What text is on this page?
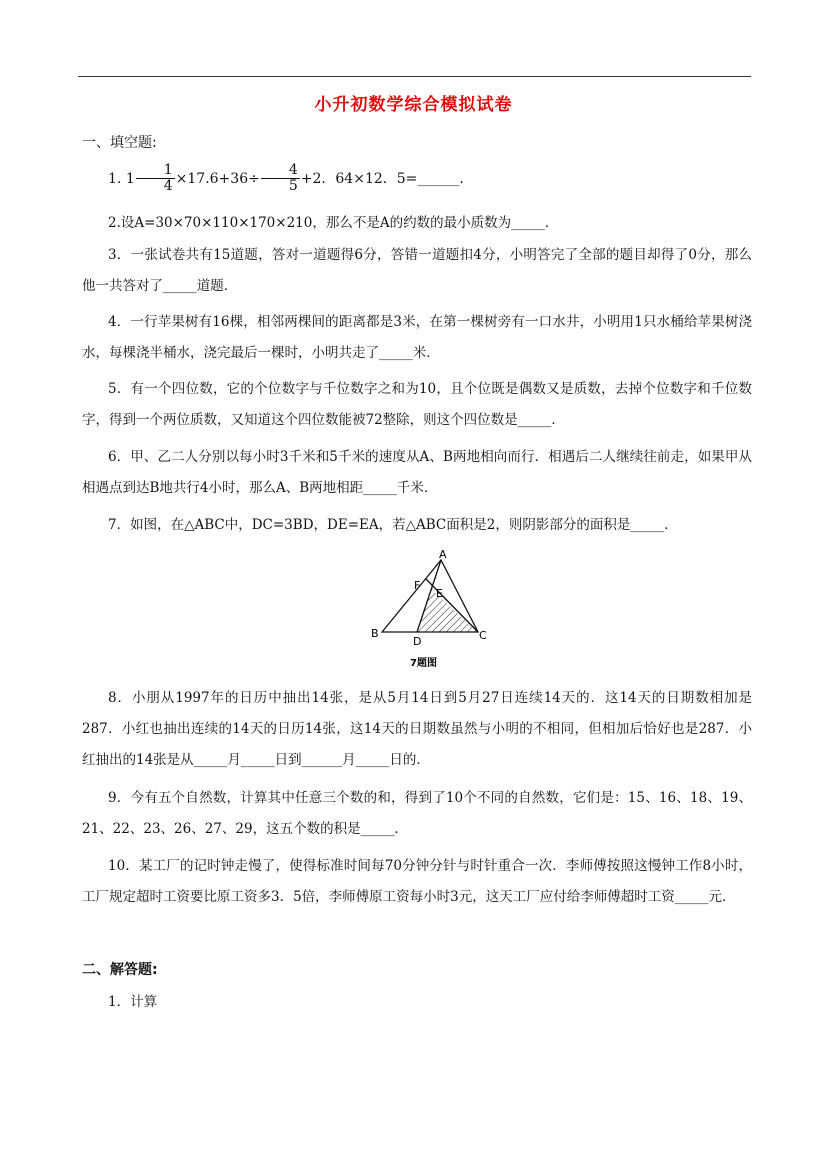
小升初数学综合模拟试卷
一、填空题:
1. $1 \frac{1}{4} \times 17.6+36\div \frac{4}{5} +2$．64×12．5=______.
2.设A=30×70×110×170×210，那么不是A的约数的最小质数为_____．
3．一张试卷共有15道题，答对一道题得6分，答错一道题扣4分，小明答完了全部的题目却得了0分，那么他一共答对了_____道题．
4．一行苹果树有16棵，相邻两棵间的距离都是3米，在第一棵树旁有一口水井，小明用1只水桶给苹果树浇水，每棵浇半桶水，浇完最后一棵时，小明共走了_____米．
5．有一个四位数，它的个位数字与千位数字之和为10，且个位既是偶数又是质数，去掉个位数字和千位数字，得到一个两位质数，又知道这个四位数能被72整除，则这个四位数是_____．
6．甲、乙二人分别以每小时3千米和5千米的速度从A、B两地相向而行．相遇后二人继续往前走，如果甲从相遇点到达B地共行4小时，那么A、B两地相距_____千米．
7．如图，在△ABC中，DC=3BD，DE=EA，若△ABC面积是2，则阴影部分的面积是_____．
A
B	C
D
E
F
7题图
8．小朋从1997年的日历中抽出14张，是从5月14日到5月27日连续14天的．这14天的日期数相加是287．小红也抽出连续的14天的日历14张，这14天的日期数虽然与小明的不相同，但相加后恰好也是287．小红抽出的14张是从_____月_____日到______月_____日的．
9．今有五个自然数，计算其中任意三个数的和，得到了10个不同的自然数，它们是：15、16、18、19、21、22、23、26、27、29，这五个数的积是_____．
10．某工厂的记时钟走慢了，使得标准时间每70分钟分针与时针重合一次．李师傅按照这慢钟工作8小时，工厂规定超时工资要比原工资多3．5倍，李师傅原工资每小时3元，这天工厂应付给李师傅超时工资_____元．
二、解答题:
1．计算
